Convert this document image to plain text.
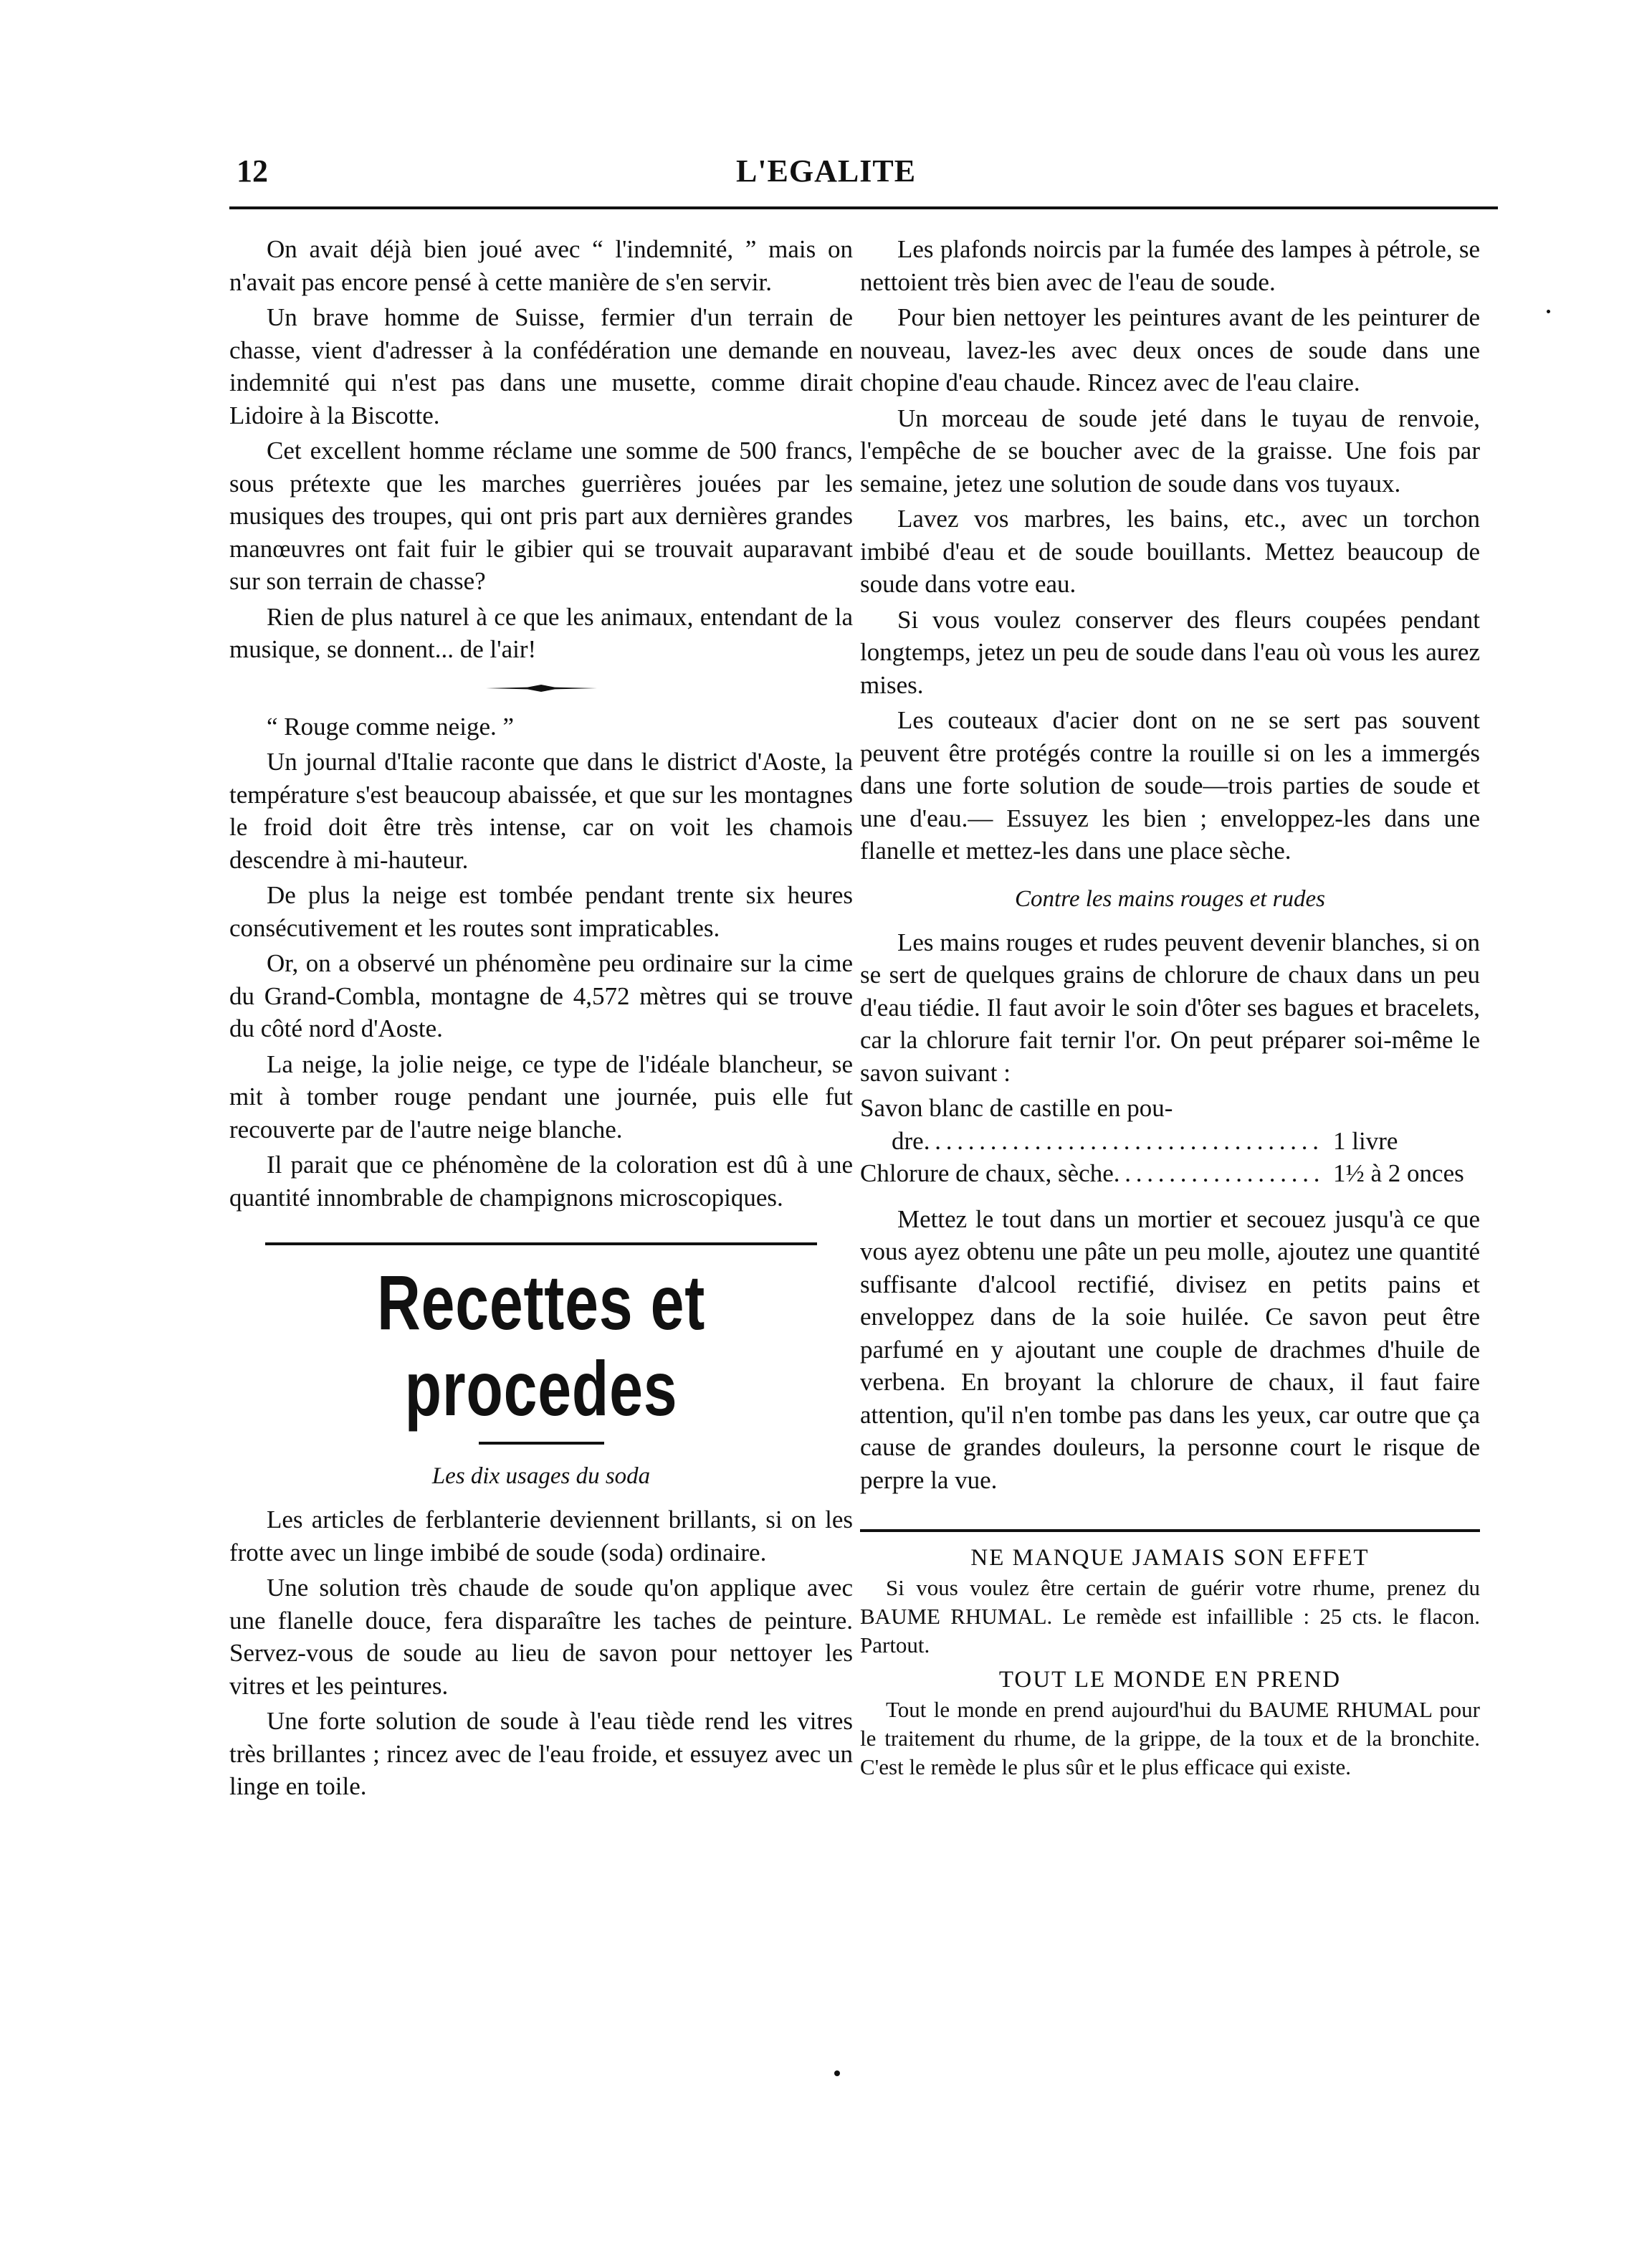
12	L'EGALITE

On avait déjà bien joué avec “ l'indemnité, ” mais on n'avait pas encore pensé à cette manière de s'en servir.

Un brave homme de Suisse, fermier d'un terrain de chasse, vient d'adresser à la confédération une demande en indemnité qui n'est pas dans une musette, comme dirait Lidoire à la Biscotte.

Cet excellent homme réclame une somme de 500 francs, sous prétexte que les marches guerrières jouées par les musiques des troupes, qui ont pris part aux dernières grandes manœuvres ont fait fuir le gibier qui se trouvait auparavant sur son terrain de chasse?

Rien de plus naturel à ce que les animaux, entendant de la musique, se donnent... de l'air!

“ Rouge comme neige. ”

Un journal d'Italie raconte que dans le district d'Aoste, la température s'est beaucoup abaissée, et que sur les montagnes le froid doit être très intense, car on voit les chamois descendre à mi-hauteur.

De plus la neige est tombée pendant trente six heures consécutivement et les routes sont impraticables.

Or, on a observé un phénomène peu ordinaire sur la cime du Grand-Combla, montagne de 4,572 mètres qui se trouve du côté nord d'Aoste.

La neige, la jolie neige, ce type de l'idéale blancheur, se mit à tomber rouge pendant une journée, puis elle fut recouverte par de l'autre neige blanche.

Il parait que ce phénomène de la coloration est dû à une quantité innombrable de champignons microscopiques.

Recettes et procedes
Les dix usages du soda

Les articles de ferblanterie deviennent brillants, si on les frotte avec un linge imbibé de soude (soda) ordinaire.

Une solution très chaude de soude qu'on applique avec une flanelle douce, fera disparaître les taches de peinture. Servez-vous de soude au lieu de savon pour nettoyer les vitres et les peintures.

Une forte solution de soude à l'eau tiède rend les vitres très brillantes ; rincez avec de l'eau froide, et essuyez avec un linge en toile.

Les plafonds noircis par la fumée des lampes à pétrole, se nettoient très bien avec de l'eau de soude.

Pour bien nettoyer les peintures avant de les peinturer de nouveau, lavez-les avec deux onces de soude dans une chopine d'eau chaude. Rincez avec de l'eau claire.

Un morceau de soude jeté dans le tuyau de renvoie, l'empêche de se boucher avec de la graisse. Une fois par semaine, jetez une solution de soude dans vos tuyaux.

Lavez vos marbres, les bains, etc., avec un torchon imbibé d'eau et de soude bouillants. Mettez beaucoup de soude dans votre eau.

Si vous voulez conserver des fleurs coupées pendant longtemps, jetez un peu de soude dans l'eau où vous les aurez mises.

Les couteaux d'acier dont on ne se sert pas souvent peuvent être protégés contre la rouille si on les a immergés dans une forte solution de soude—trois parties de soude et une d'eau.— Essuyez les bien ; enveloppez-les dans une flanelle et mettez-les dans une place sèche.

Contre les mains rouges et rudes

Les mains rouges et rudes peuvent devenir blanches, si on se sert de quelques grains de chlorure de chaux dans un peu d'eau tiédie. Il faut avoir le soin d'ôter ses bagues et bracelets, car la chlorure fait ternir l'or. On peut préparer soi-même le savon suivant :

Savon blanc de castille en pou-
dre . . .	1 livre
Chlorure de chaux, sèche . . .	1½ à 2 onces

Mettez le tout dans un mortier et secouez jusqu'à ce que vous ayez obtenu une pâte un peu molle, ajoutez une quantité suffisante d'alcool rectifié, divisez en petits pains et enveloppez dans de la soie huilée. Ce savon peut être parfumé en y ajoutant une couple de drachmes d'huile de verbena. En broyant la chlorure de chaux, il faut faire attention, qu'il n'en tombe pas dans les yeux, car outre que ça cause de grandes douleurs, la personne court le risque de perpre la vue.

NE MANQUE JAMAIS SON EFFET

Si vous voulez être certain de guérir votre rhume, prenez du BAUME RHUMAL. Le remède est infaillible : 25 cts. le flacon. Partout.

TOUT LE MONDE EN PREND

Tout le monde en prend aujourd'hui du BAUME RHUMAL pour le traitement du rhume, de la grippe, de la toux et de la bronchite. C'est le remède le plus sûr et le plus efficace qui existe.
